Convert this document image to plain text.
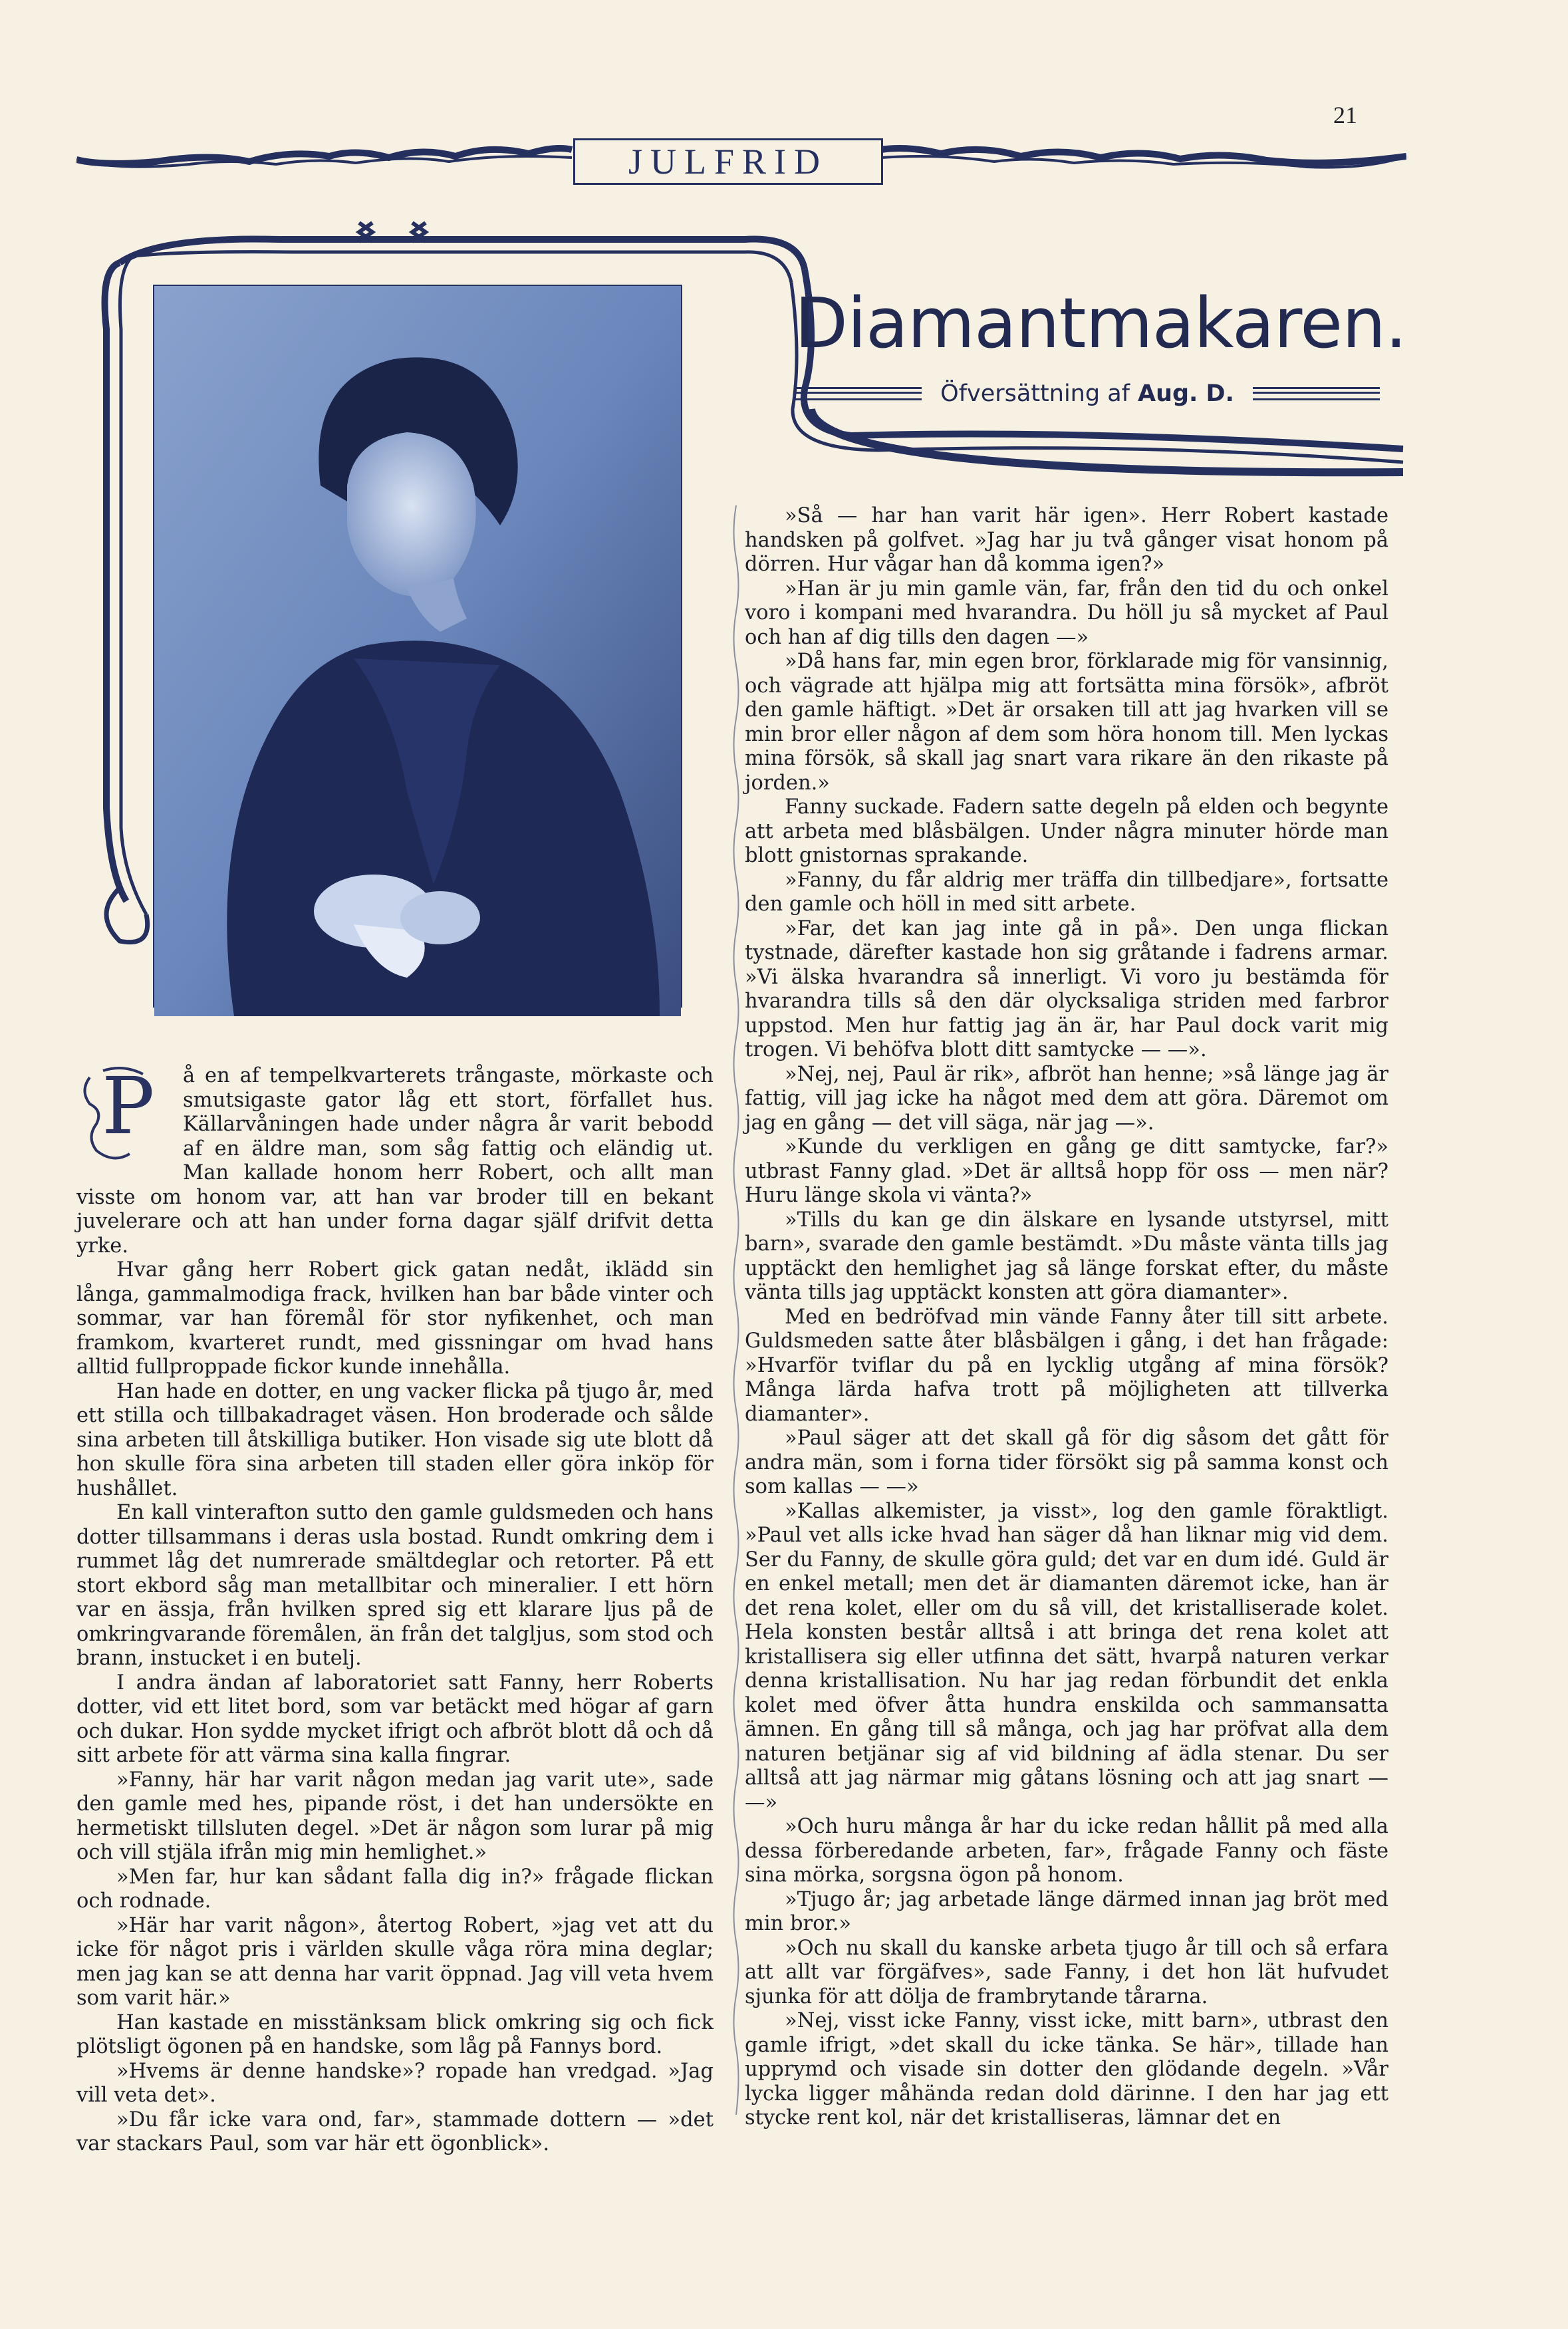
21
JULFRID
Diamantmakaren.
Öfversättning af Aug. D.
P	å en af tempelkvarterets trångaste, mörkaste och smutsigaste gator låg ett stort, förfallet hus. Källarvåningen hade under några år varit bebodd af en äldre man, som såg fattig och eländig ut. Man kallade honom herr Robert, och allt man visste om honom var, att han var broder till en bekant juvelerare och att han under forna dagar själf drifvit detta yrke.

Hvar gång herr Robert gick gatan nedåt, iklädd sin långa, gammalmodiga frack, hvilken han bar både vinter och sommar, var han föremål för stor nyfikenhet, och man framkom, kvarteret rundt, med gissningar om hvad hans alltid fullproppade fickor kunde innehålla.

Han hade en dotter, en ung vacker flicka på tjugo år, med ett stilla och tillbakadraget väsen. Hon broderade och sålde sina arbeten till åtskilliga butiker. Hon visade sig ute blott då hon skulle föra sina arbeten till staden eller göra inköp för hushållet.

En kall vinterafton sutto den gamle guldsmeden och hans dotter tillsammans i deras usla bostad. Rundt omkring dem i rummet låg det numrerade smältdeglar och retorter. På ett stort ekbord såg man metallbitar och mineralier. I ett hörn var en ässja, från hvilken spred sig ett klarare ljus på de omkringvarande föremålen, än från det talgljus, som stod och brann, instucket i en butelj.

I andra ändan af laboratoriet satt Fanny, herr Roberts dotter, vid ett litet bord, som var betäckt med högar af garn och dukar. Hon sydde mycket ifrigt och afbröt blott då och då sitt arbete för att värma sina kalla fingrar.

»Fanny, här har varit någon medan jag varit ute», sade den gamle med hes, pipande röst, i det han undersökte en hermetiskt tillsluten degel. »Det är någon som lurar på mig och vill stjäla ifrån mig min hemlighet.»

»Men far, hur kan sådant falla dig in?» frågade flickan och rodnade.

»Här har varit någon», återtog Robert, »jag vet att du icke för något pris i världen skulle våga röra mina deglar; men jag kan se att denna har varit öppnad. Jag vill veta hvem som varit här.»

Han kastade en misstänksam blick omkring sig och fick plötsligt ögonen på en handske, som låg på Fannys bord.

»Hvems är denne handske»? ropade han vredgad. »Jag vill veta det».

»Du får icke vara ond, far», stammade dottern — »det var stackars Paul, som var här ett ögonblick».

»Så — har han varit här igen». Herr Robert kastade handsken på golfvet. »Jag har ju två gånger visat honom på dörren. Hur vågar han då komma igen?»

»Han är ju min gamle vän, far, från den tid du och onkel voro i kompani med hvarandra. Du höll ju så mycket af Paul och han af dig tills den dagen —»

»Då hans far, min egen bror, förklarade mig för vansinnig, och vägrade att hjälpa mig att fortsätta mina försök», afbröt den gamle häftigt. »Det är orsaken till att jag hvarken vill se min bror eller någon af dem som höra honom till. Men lyckas mina försök, så skall jag snart vara rikare än den rikaste på jorden.»

Fanny suckade. Fadern satte degeln på elden och begynte att arbeta med blåsbälgen. Under några minuter hörde man blott gnistornas sprakande.

»Fanny, du får aldrig mer träffa din tillbedjare», fortsatte den gamle och höll in med sitt arbete.

»Far, det kan jag inte gå in på». Den unga flickan tystnade, därefter kastade hon sig gråtande i fadrens armar. »Vi älska hvarandra så innerligt. Vi voro ju bestämda för hvarandra tills så den där olycksaliga striden med farbror uppstod. Men hur fattig jag än är, har Paul dock varit mig trogen. Vi behöfva blott ditt samtycke — —».

»Nej, nej, Paul är rik», afbröt han henne; »så länge jag är fattig, vill jag icke ha något med dem att göra. Däremot om jag en gång — det vill säga, när jag —».

»Kunde du verkligen en gång ge ditt samtycke, far?» utbrast Fanny glad. »Det är alltså hopp för oss — men när? Huru länge skola vi vänta?»

»Tills du kan ge din älskare en lysande utstyrsel, mitt barn», svarade den gamle bestämdt. »Du måste vänta tills jag upptäckt den hemlighet jag så länge forskat efter, du måste vänta tills jag upptäckt konsten att göra diamanter».

Med en bedröfvad min vände Fanny åter till sitt arbete. Guldsmeden satte åter blåsbälgen i gång, i det han frågade: »Hvarför tviflar du på en lycklig utgång af mina försök? Många lärda hafva trott på möjligheten att tillverka diamanter».

»Paul säger att det skall gå för dig såsom det gått för andra män, som i forna tider försökt sig på samma konst och som kallas — —»

»Kallas alkemister, ja visst», log den gamle föraktligt. »Paul vet alls icke hvad han säger då han liknar mig vid dem. Ser du Fanny, de skulle göra guld; det var en dum idé. Guld är en enkel metall; men det är diamanten däremot icke, han är det rena kolet, eller om du så vill, det kristalliserade kolet. Hela konsten består alltså i att bringa det rena kolet att kristallisera sig eller utfinna det sätt, hvarpå naturen verkar denna kristallisation. Nu har jag redan förbundit det enkla kolet med öfver åtta hundra enskilda och sammansatta ämnen. En gång till så många, och jag har pröfvat alla dem naturen betjänar sig af vid bildning af ädla stenar. Du ser alltså att jag närmar mig gåtans lösning och att jag snart — —»

»Och huru många år har du icke redan hållit på med alla dessa förberedande arbeten, far», frågade Fanny och fäste sina mörka, sorgsna ögon på honom.

»Tjugo år; jag arbetade länge därmed innan jag bröt med min bror.»

»Och nu skall du kanske arbeta tjugo år till och så erfara att allt var förgäfves», sade Fanny, i det hon lät hufvudet sjunka för att dölja de frambrytande tårarna.

»Nej, visst icke Fanny, visst icke, mitt barn», utbrast den gamle ifrigt, »det skall du icke tänka. Se här», tillade han upprymd och visade sin dotter den glödande degeln. »Vår lycka ligger måhända redan dold därinne. I den har jag ett stycke rent kol, när det kristalliseras, lämnar det en
